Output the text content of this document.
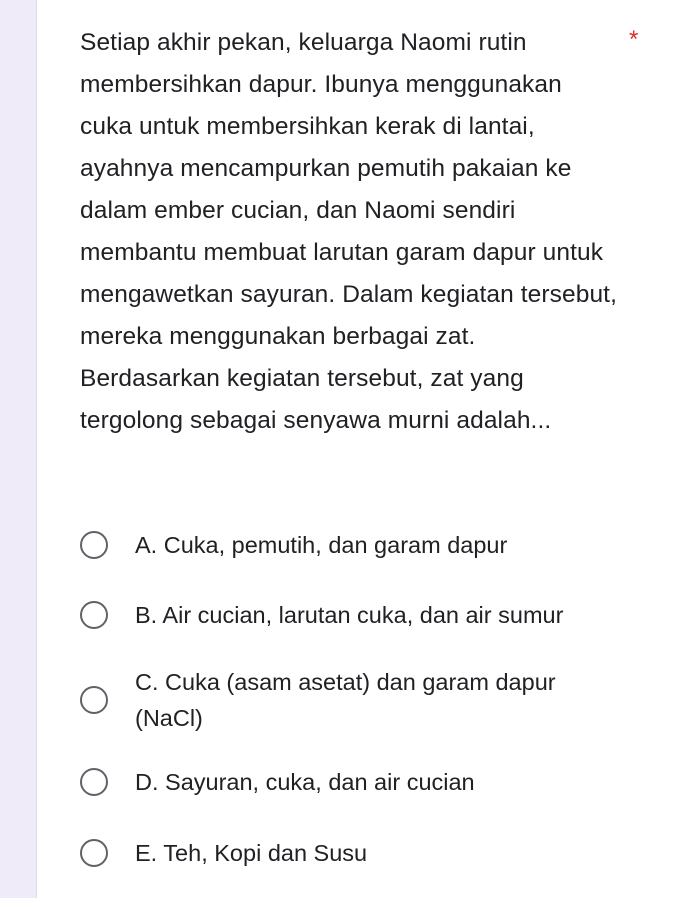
Setiap akhir pekan, keluarga Naomi rutin membersihkan dapur. Ibunya menggunakan cuka untuk membersihkan kerak di lantai, ayahnya mencampurkan pemutih pakaian ke dalam ember cucian, dan Naomi sendiri membantu membuat larutan garam dapur untuk mengawetkan sayuran. Dalam kegiatan tersebut, mereka menggunakan berbagai zat.

Berdasarkan kegiatan tersebut, zat yang tergolong sebagai senyawa murni adalah...

*
A. Cuka, pemutih, dan garam dapur
B. Air cucian, larutan cuka, dan air sumur
C. Cuka (asam asetat) dan garam dapur (NaCl)
D. Sayuran, cuka, dan air cucian
E. Teh, Kopi dan Susu
